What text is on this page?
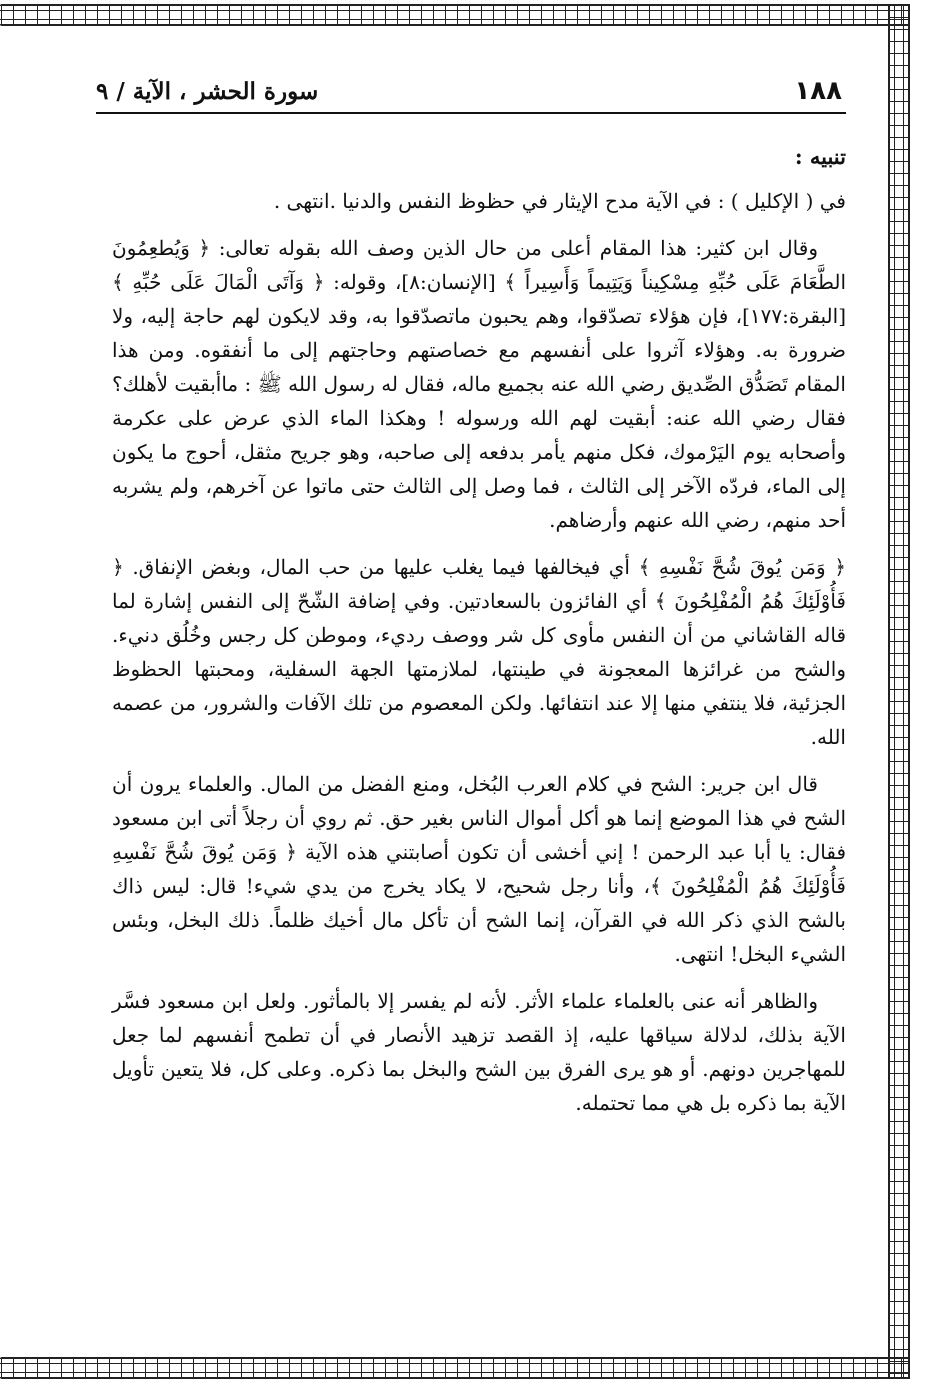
١٨٨
سورة الحشر ، الآية / ٩
تنبيه :

في ( الإكليل ) : في الآية مدح الإيثار في حظوظ النفس والدنيا .انتهى .

وقال ابن كثير: هذا المقام أعلى من حال الذين وصف الله بقوله تعالى: ﴿ وَيُطعِمُونَ الطَّعَامَ عَلَى حُبِّهِ مِسْكِيناً وَيَتِيماً وَأَسِيراً ﴾ [الإنسان:٨]، وقوله: ﴿ وَآتَى الْمَالَ عَلَى حُبِّهِ ﴾ [البقرة:١٧٧]، فإن هؤلاء تصدّقوا، وهم يحبون ماتصدّقوا به، وقد لايكون لهم حاجة إليه، ولا ضرورة به. وهؤلاء آثروا على أنفسهم مع خصاصتهم وحاجتهم إلى ما أنفقوه. ومن هذا المقام تَصَدُّق الصِّديق رضي الله عنه بجميع ماله، فقال له رسول الله ﷺ : ماأبقيت لأهلك؟ فقال رضي الله عنه: أبقيت لهم الله ورسوله ! وهكذا الماء الذي عرض على عكرمة وأصحابه يوم اليَرْموك، فكل منهم يأمر بدفعه إلى صاحبه، وهو جريح مثقل، أحوج ما يكون إلى الماء، فردّه الآخر إلى الثالث ، فما وصل إلى الثالث حتى ماتوا عن آخرهم، ولم يشربه أحد منهم، رضي الله عنهم وأرضاهم.

﴿ وَمَن يُوقَ شُحَّ نَفْسِهِ ﴾ أي فيخالفها فيما يغلب عليها من حب المال، وبغض الإنفاق. ﴿ فَأُوْلَئِكَ هُمُ الْمُفْلِحُونَ ﴾ أي الفائزون بالسعادتين. وفي إضافة الشّحّ إلى النفس إشارة لما قاله القاشاني من أن النفس مأوى كل شر ووصف رديء، وموطن كل رجس وخُلُق دنيء. والشح من غرائزها المعجونة في طينتها، لملازمتها الجهة السفلية، ومحبتها الحظوظ الجزئية، فلا ينتفي منها إلا عند انتفائها. ولكن المعصوم من تلك الآفات والشرور، من عصمه الله.

قال ابن جرير: الشح في كلام العرب البُخل، ومنع الفضل من المال. والعلماء يرون أن الشح في هذا الموضع إنما هو أكل أموال الناس بغير حق. ثم روي أن رجلاً أتى ابن مسعود فقال: يا أبا عبد الرحمن ! إني أخشى أن تكون أصابتني هذه الآية ﴿ وَمَن يُوقَ شُحَّ نَفْسِهِ فَأُوْلَئِكَ هُمُ الْمُفْلِحُونَ ﴾، وأنا رجل شحيح، لا يكاد يخرج من يدي شيء! قال: ليس ذاك بالشح الذي ذكر الله في القرآن، إنما الشح أن تأكل مال أخيك ظلماً. ذلك البخل، وبئس الشيء البخل! انتهى.

والظاهر أنه عنى بالعلماء علماء الأثر. لأنه لم يفسر إلا بالمأثور. ولعل ابن مسعود فسَّر الآية بذلك، لدلالة سياقها عليه، إذ القصد تزهيد الأنصار في أن تطمح أنفسهم لما جعل للمهاجرين دونهم. أو هو يرى الفرق بين الشح والبخل بما ذكره. وعلى كل، فلا يتعين تأويل الآية بما ذكره بل هي مما تحتمله.
